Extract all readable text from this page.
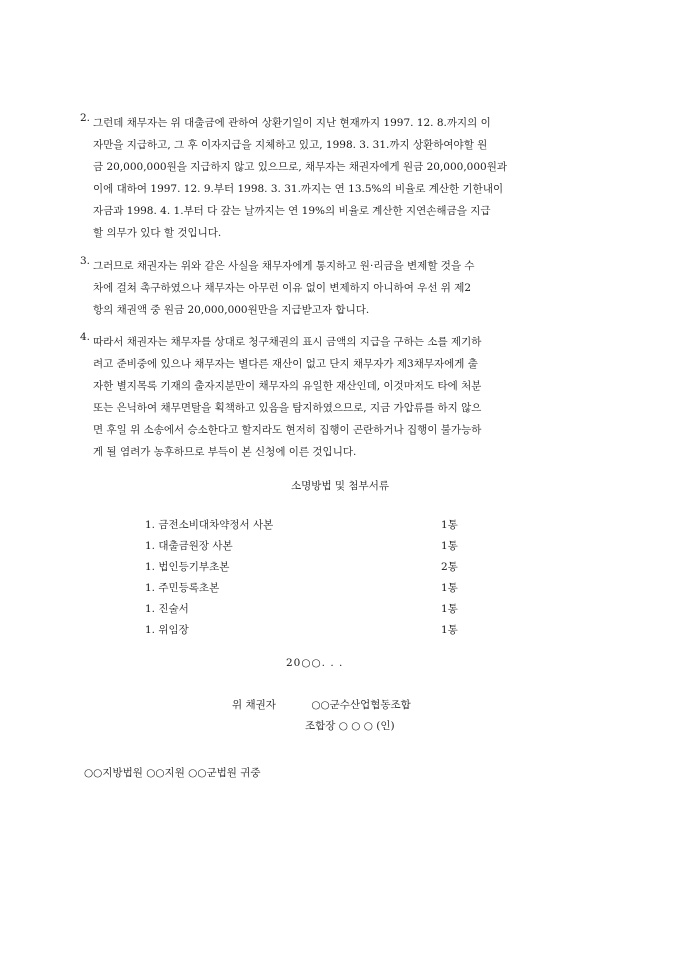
2. 그런데 채무자는 위 대출금에 관하여 상환기일이 지난 현재까지 1997. 12. 8.까지의 이
자만을 지급하고, 그 후 이자지급을 지체하고 있고, 1998. 3. 31.까지 상환하여야할 원
금 20,000,000원을 지급하지 않고 있으므로, 채무자는 채권자에게 원금 20,000,000원과
이에 대하여 1997. 12. 9.부터 1998. 3. 31.까지는 연 13.5%의 비율로 계산한 기한내이
자금과 1998. 4. 1.부터 다 갚는 날까지는 연 19%의 비율로 계산한 지연손해금을 지급
할 의무가 있다 할 것입니다.
3. 그러므로 채권자는 위와 같은 사실을 채무자에게 통지하고 원·리금을 변제할 것을 수
차에 걸쳐 촉구하였으나 채무자는 아무런 이유 없이 변제하지 아니하여 우선 위 제2
항의 채권액 중 원금 20,000,000원만을 지급받고자 합니다.
4. 따라서 채권자는 채무자를 상대로 청구채권의 표시 금액의 지급을 구하는 소를 제기하
려고 준비중에 있으나 채무자는 별다른 재산이 없고 단지 채무자가 제3채무자에게 출
자한 별지목록 기재의 출자지분만이 채무자의 유일한 재산인데, 이것마저도 타에 처분
또는 은닉하여 채무면탈을 획책하고 있음을 탐지하였으므로, 지금 가압류를 하지 않으
면 후일 위 소송에서 승소한다고 할지라도 현저히 집행이 곤란하거나 집행이 불가능하
게 될 염려가 농후하므로 부득이 본 신청에 이른 것입니다.
소명방법 및 첨부서류
1. 금전소비대차약정서 사본	1통
1. 대출금원장 사본	1통
1. 법인등기부초본	2통
1. 주민등록초본	1통
1. 진술서	1통
1. 위임장	1통
20○○. . .
위 채권자	○○군수산업협동조합
조합장 ○ ○ ○ (인)
○○지방법원 ○○지원 ○○군법원 귀중
